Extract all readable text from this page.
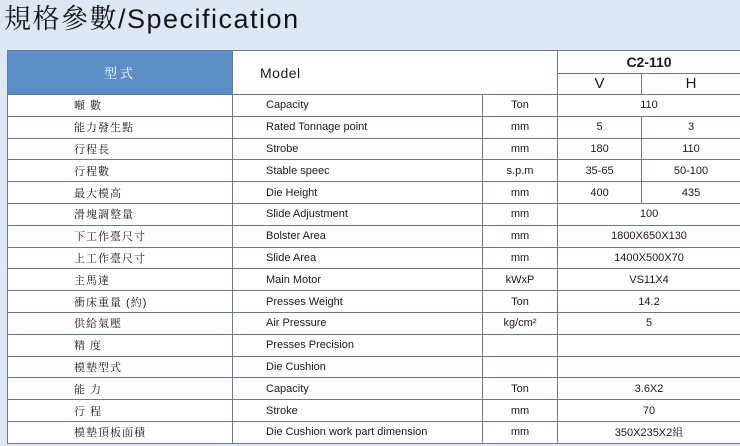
規格參數/Specification
型式	Model		C2-110	
			V	H
噸 數	Capacity	Ton	110	
能力發生點	Rated Tonnage point	mm	5	3
行程長	Strobe	mm	180	110
行程數	Stable speec	s.p.m	35-65	50-100
最大模高	Die Height	mm	400	435
滑塊調整量	Slide Adjustment	mm	100	
下工作臺尺寸	Bolster Area	mm	1800X650X130	
上工作臺尺寸	Slide Area	mm	1400X500X70	
主馬達	Main Motor	kWxP	VS11X4	
衝床重量 (約)	Presses Weight	Ton	14.2	
供給氣壓	Air Pressure	kg/cm²	5	
精 度	Presses Precision			
模墊型式	Die Cushion			
能 力	Capacity	Ton	3.6X2	
行 程	Stroke	mm	70	
模墊頂板面積	Die Cushion work part dimension	mm	350X235X2組	
